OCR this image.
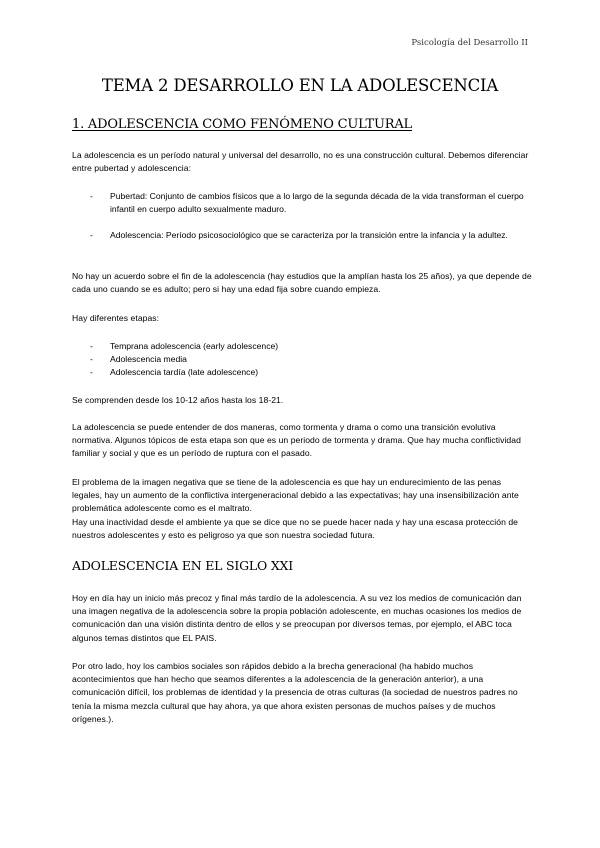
Psicología del Desarrollo II
TEMA 2 DESARROLLO EN LA ADOLESCENCIA
1. ADOLESCENCIA COMO FENÓMENO CULTURAL
La adolescencia es un período natural y universal del desarrollo, no es una construcción cultural. Debemos diferenciar entre pubertad y adolescencia:
- Pubertad: Conjunto de cambios físicos que a lo largo de la segunda década de la vida transforman el cuerpo infantil en cuerpo adulto sexualmente maduro.
- Adolescencia: Período psicosociológico que se caracteriza por la transición entre la infancia y la adultez.
No hay un acuerdo sobre el fin de la adolescencia (hay estudios que la amplían hasta los 25 años), ya que depende de cada uno cuando se es adulto; pero si hay una edad fija sobre cuando empieza.
Hay diferentes etapas:
- Temprana adolescencia (early adolescence)
- Adolescencia media
- Adolescencia tardía (late adolescence)
Se comprenden desde los 10-12 años hasta los 18-21.
La adolescencia se puede entender de dos maneras, como tormenta y drama o como una transición evolutiva normativa. Algunos tópicos de esta etapa son que es un periodo de tormenta y drama. Que hay mucha conflictividad familiar y social y que es un período de ruptura con el pasado.
El problema de la imagen negativa que se tiene de la adolescencia es que hay un endurecimiento de las penas legales, hay un aumento de la conflictiva intergeneracional debido a las expectativas; hay una insensibilización ante problemática adolescente como es el maltrato.
Hay una inactividad desde el ambiente ya que se dice que no se puede hacer nada y hay una escasa protección de nuestros adolescentes y esto es peligroso ya que son nuestra sociedad futura.
ADOLESCENCIA EN EL SIGLO XXI
Hoy en día hay un inicio más precoz y final más tardío de la adolescencia. A su vez los medios de comunicación dan una imagen negativa de la adolescencia sobre la propia población adolescente, en muchas ocasiones los medios de comunicación dan una visión distinta dentro de ellos y se preocupan por diversos temas, por ejemplo, el ABC toca algunos temas distintos que EL PAIS.
Por otro lado, hoy los cambios sociales son rápidos debido a la brecha generacional (ha habido muchos acontecimientos que han hecho que seamos diferentes a la adolescencia de la generación anterior), a una comunicación difícil, los problemas de identidad y la presencia de otras culturas (la sociedad de nuestros padres no tenía la misma mezcla cultural que hay ahora, ya que ahora existen personas de muchos países y de muchos orígenes.).
